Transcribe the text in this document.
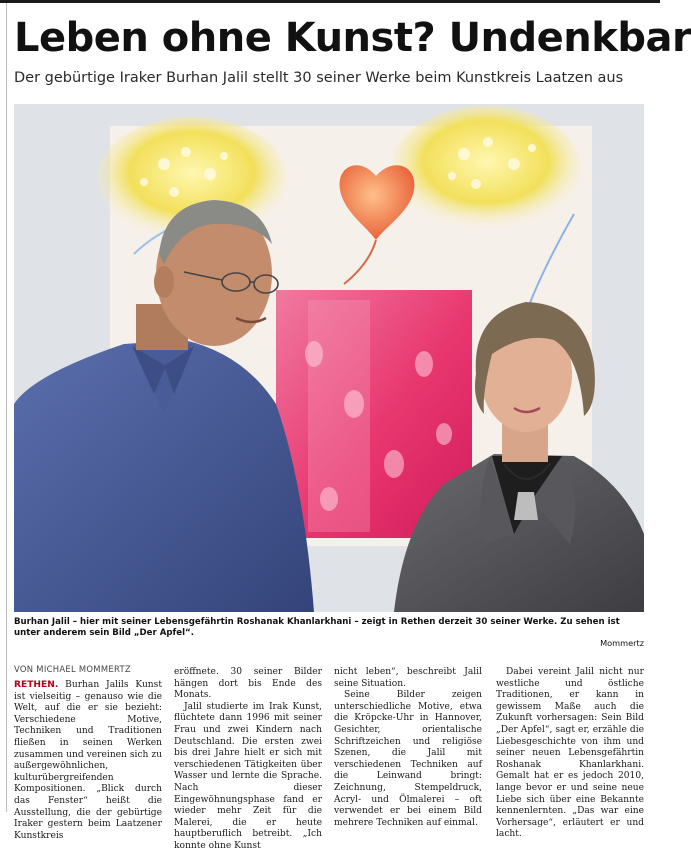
Leben ohne Kunst? Undenkbar
Der gebürtige Iraker Burhan Jalil stellt 30 seiner Werke beim Kunstkreis Laatzen aus
Burhan Jalil – hier mit seiner Lebensgefährtin Roshanak Khanlarkhani – zeigt in Rethen derzeit 30 seiner Werke. Zu sehen ist unter anderem sein Bild „Der Apfel“.
Mommertz
VON MICHAEL MOMMERTZ

RETHEN. Burhan Jalils Kunst ist vielseitig – genauso wie die Welt, auf die er sie bezieht: Verschiedene Motive, Techniken und Traditionen fließen in seinen Werken zusammen und vereinen sich zu außergewöhnlichen, kulturübergreifenden Kompositionen. „Blick durch das Fenster“ heißt die Ausstellung, die der gebürtige Iraker gestern beim Laatzener Kunstkreis

eröffnete. 30 seiner Bilder hängen dort bis Ende des Monats.

Jalil studierte im Irak Kunst, flüchtete dann 1996 mit seiner Frau und zwei Kindern nach Deutschland. Die ersten zwei bis drei Jahre hielt er sich mit verschiedenen Tätigkeiten über Wasser und lernte die Sprache. Nach dieser Eingewöhnungsphase fand er wieder mehr Zeit für die Malerei, die er heute hauptberuflich betreibt. „Ich konnte ohne Kunst

nicht leben“, beschreibt Jalil seine Situation.

Seine Bilder zeigen unterschiedliche Motive, etwa die Kröpcke-Uhr in Hannover, Gesichter, orientalische Schriftzeichen und religiöse Szenen, die Jalil mit verschiedenen Techniken auf die Leinwand bringt: Zeichnung, Stempeldruck, Acryl- und Ölmalerei – oft verwendet er bei einem Bild mehrere Techniken auf einmal.

Dabei vereint Jalil nicht nur westliche und östliche Traditionen, er kann in gewissem Maße auch die Zukunft vorhersagen: Sein Bild „Der Apfel“, sagt er, erzähle die Liebesgeschichte von ihm und seiner neuen Lebensgefährtin Roshanak Khanlarkhani. Gemalt hat er es jedoch 2010, lange bevor er und seine neue Liebe sich über eine Bekannte kennenlernten. „Das war eine Vorhersage“, erläutert er und lacht.
